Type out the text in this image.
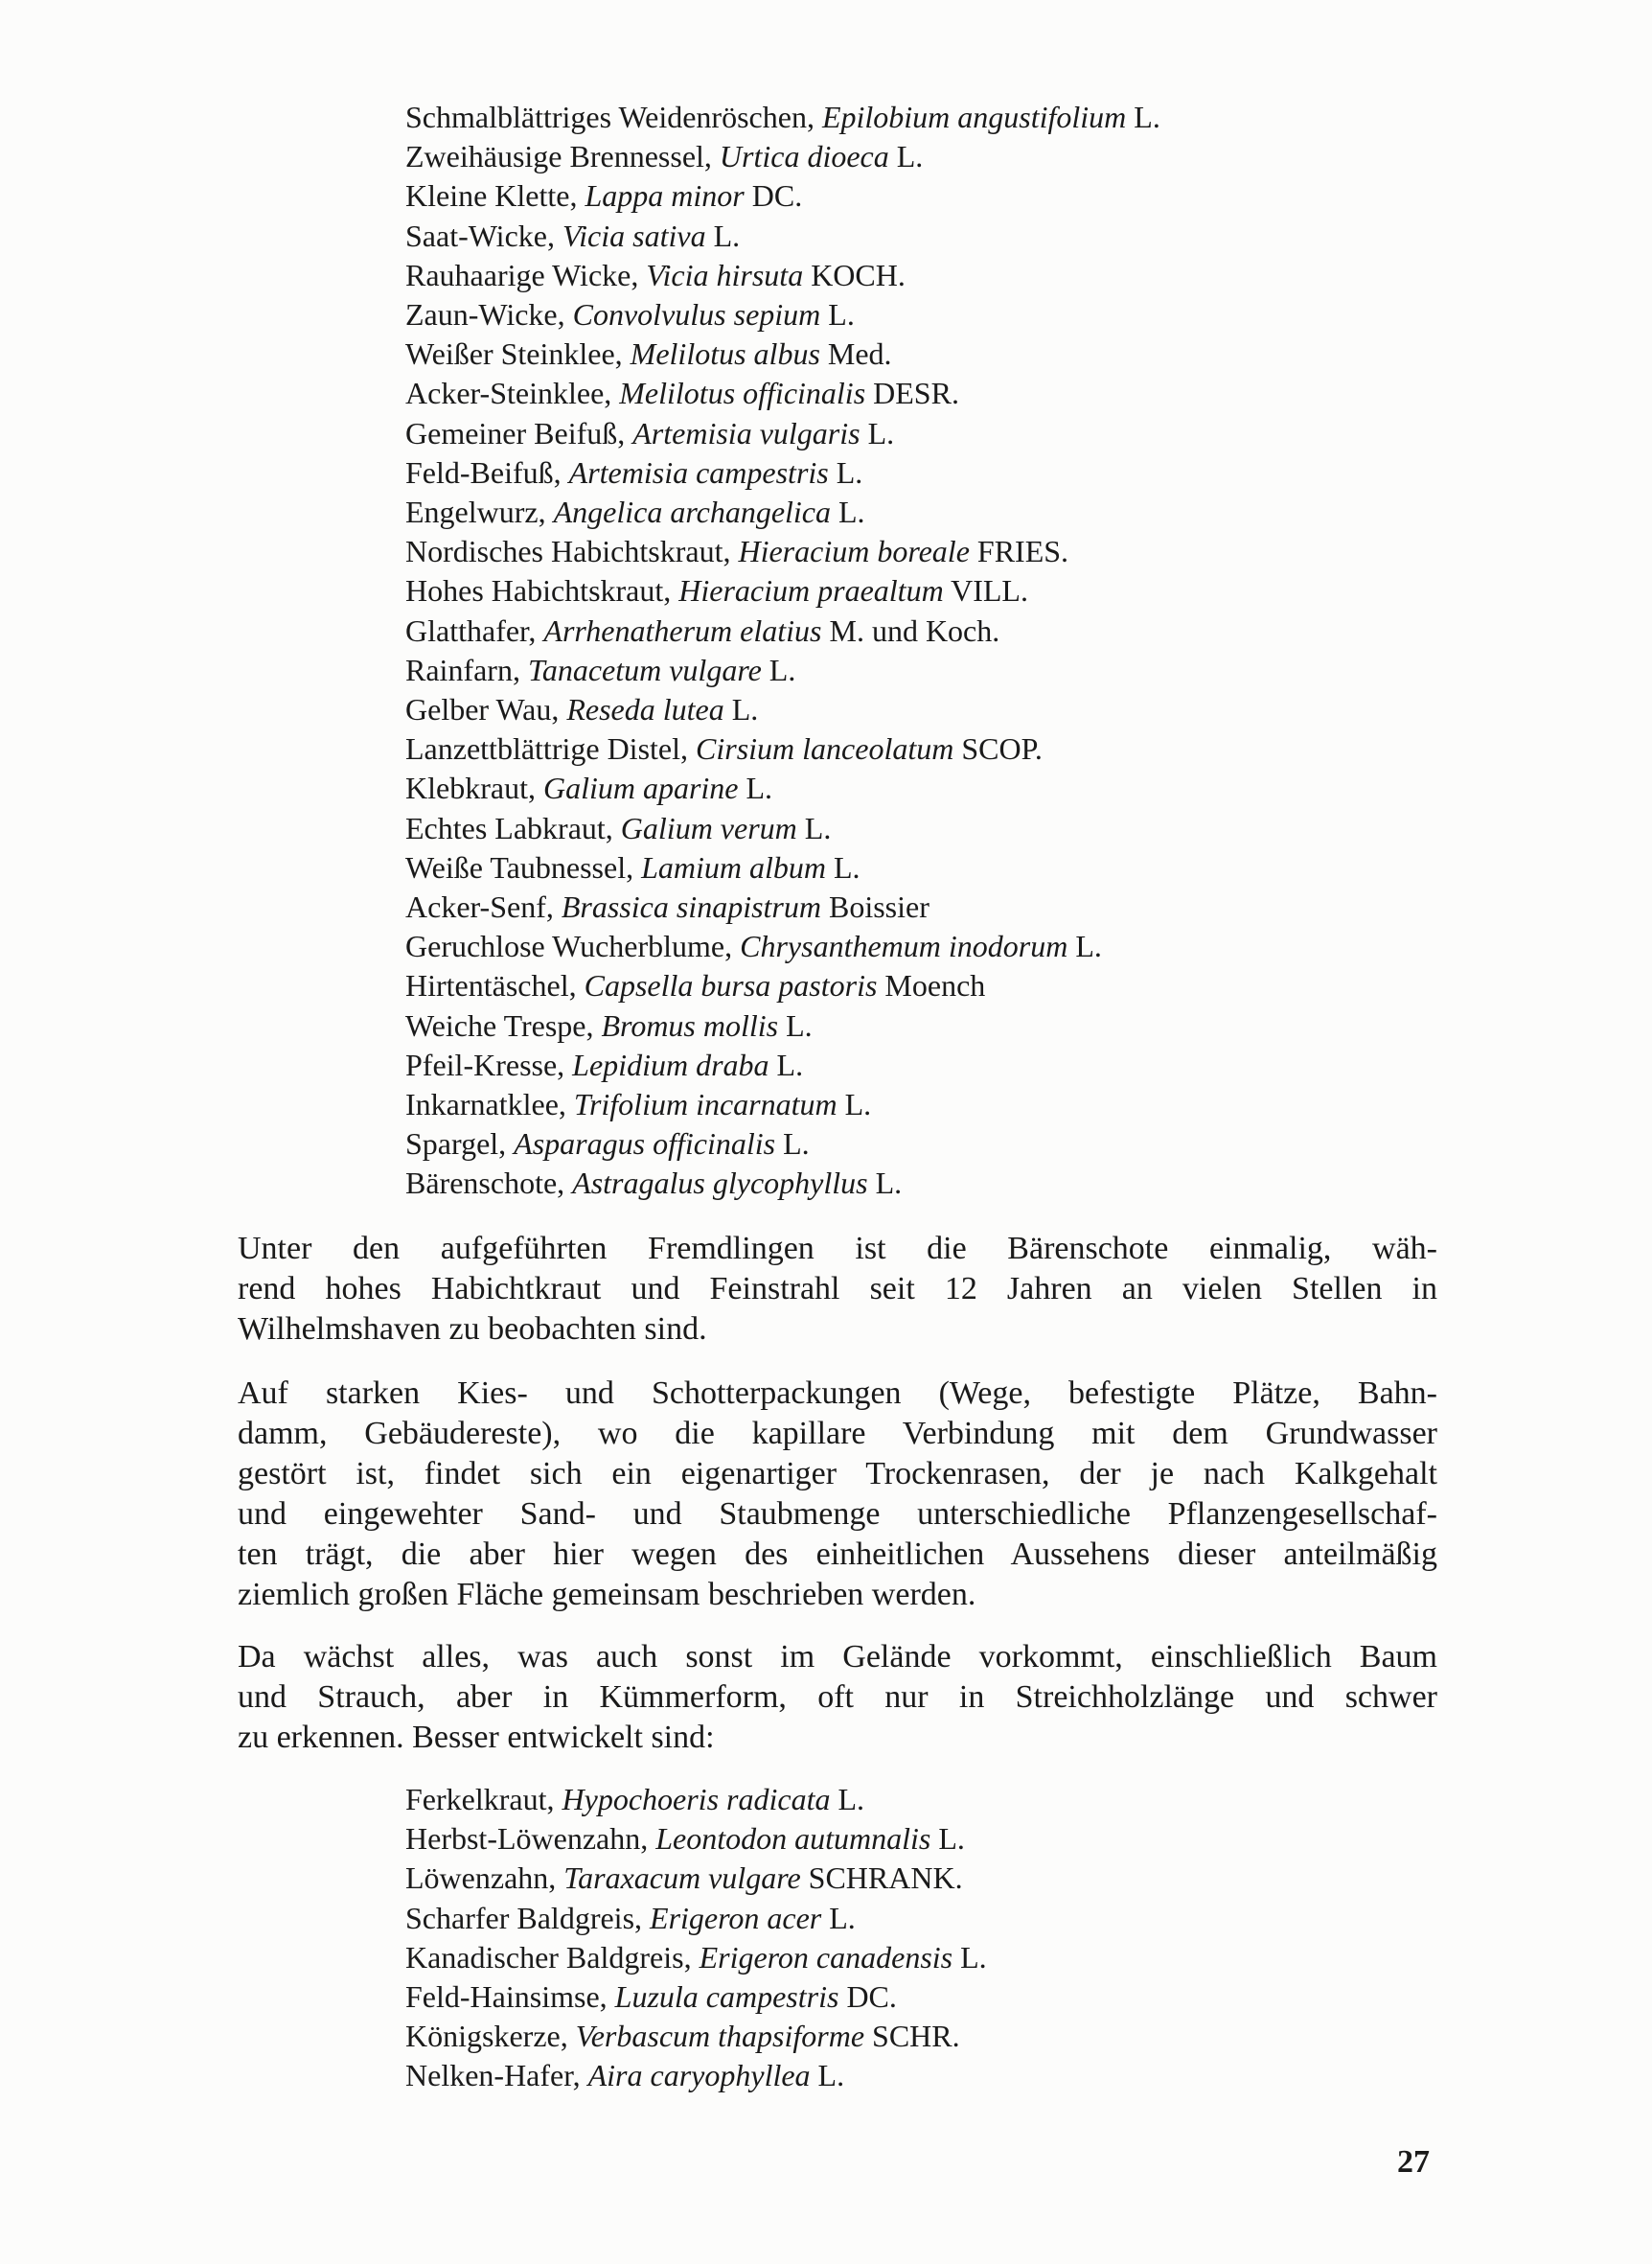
Schmalblättriges Weidenröschen, Epilobium angustifolium L.
Zweihäusige Brennessel, Urtica dioeca L.
Kleine Klette, Lappa minor DC.
Saat-Wicke, Vicia sativa L.
Rauhaarige Wicke, Vicia hirsuta KOCH.
Zaun-Wicke, Convolvulus sepium L.
Weißer Steinklee, Melilotus albus Med.
Acker-Steinklee, Melilotus officinalis DESR.
Gemeiner Beifuß, Artemisia vulgaris L.
Feld-Beifuß, Artemisia campestris L.
Engelwurz, Angelica archangelica L.
Nordisches Habichtskraut, Hieracium boreale FRIES.
Hohes Habichtskraut, Hieracium praealtum VILL.
Glatthafer, Arrhenatherum elatius M. und Koch.
Rainfarn, Tanacetum vulgare L.
Gelber Wau, Reseda lutea L.
Lanzettblättrige Distel, Cirsium lanceolatum SCOP.
Klebkraut, Galium aparine L.
Echtes Labkraut, Galium verum L.
Weiße Taubnessel, Lamium album L.
Acker-Senf, Brassica sinapistrum Boissier
Geruchlose Wucherblume, Chrysanthemum inodorum L.
Hirtentäschel, Capsella bursa pastoris Moench
Weiche Trespe, Bromus mollis L.
Pfeil-Kresse, Lepidium draba L.
Inkarnatklee, Trifolium incarnatum L.
Spargel, Asparagus officinalis L.
Bärenschote, Astragalus glycophyllus L.
Unter den aufgeführten Fremdlingen ist die Bärenschote einmalig, wäh-
rend hohes Habichtkraut und Feinstrahl seit 12 Jahren an vielen Stellen in
Wilhelmshaven zu beobachten sind.
Auf starken Kies- und Schotterpackungen (Wege, befestigte Plätze, Bahn-
damm, Gebäudereste), wo die kapillare Verbindung mit dem Grundwasser
gestört ist, findet sich ein eigenartiger Trockenrasen, der je nach Kalkgehalt
und eingewehter Sand- und Staubmenge unterschiedliche Pflanzengesellschaf-
ten trägt, die aber hier wegen des einheitlichen Aussehens dieser anteilmäßig
ziemlich großen Fläche gemeinsam beschrieben werden.
Da wächst alles, was auch sonst im Gelände vorkommt, einschließlich Baum
und Strauch, aber in Kümmerform, oft nur in Streichholzlänge und schwer
zu erkennen. Besser entwickelt sind:
Ferkelkraut, Hypochoeris radicata L.
Herbst-Löwenzahn, Leontodon autumnalis L.
Löwenzahn, Taraxacum vulgare SCHRANK.
Scharfer Baldgreis, Erigeron acer L.
Kanadischer Baldgreis, Erigeron canadensis L.
Feld-Hainsimse, Luzula campestris DC.
Königskerze, Verbascum thapsiforme SCHR.
Nelken-Hafer, Aira caryophyllea L.
27
